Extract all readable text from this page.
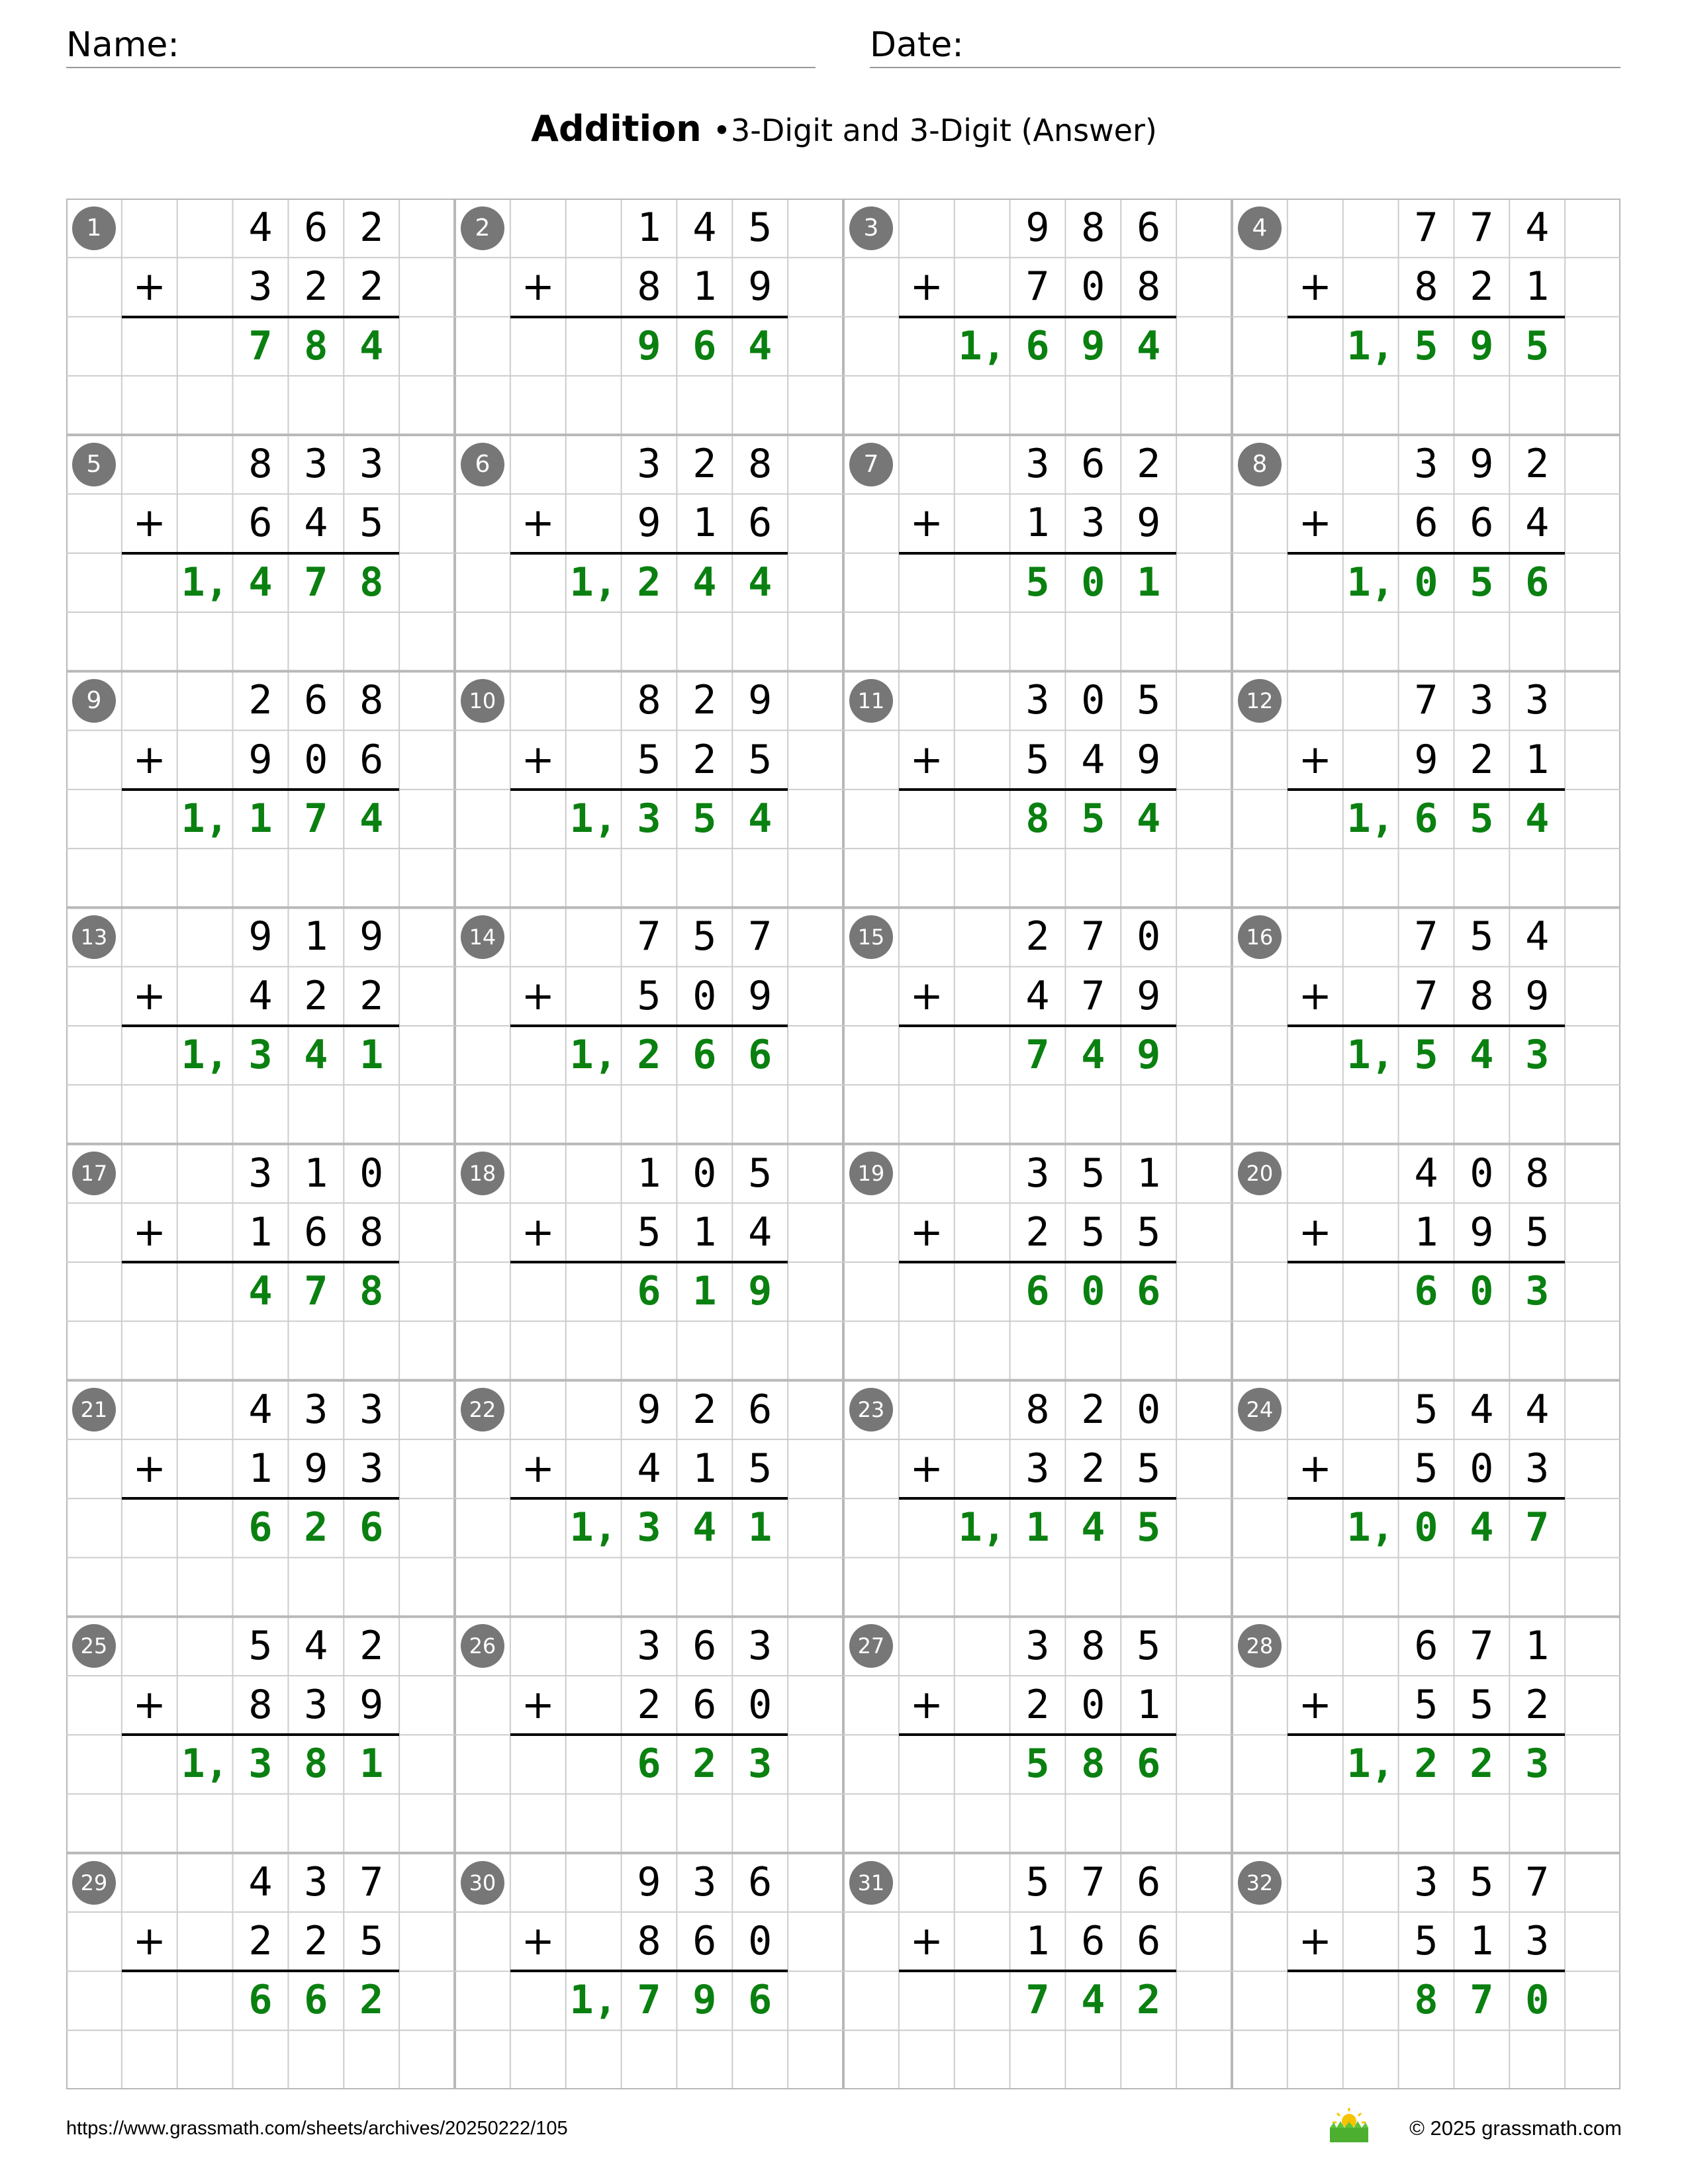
Name:	Date:
Addition •3-Digit and 3-Digit (Answer)
1	4 6 2
3 2 2
+
7 8 4
2	1 4 5
8 1 9
+
9 6 4
3	9 8 6
7 0 8
+
1, 6 9 4
4	7 7 4
8 2 1
+
1, 5 9 5
5	8 3 3
6 4 5
+
1, 4 7 8
6	3 2 8
9 1 6
+
1, 2 4 4
7	3 6 2
1 3 9
+
5 0 1
8	3 9 2
6 6 4
+
1, 0 5 6
9	2 6 8
9 0 6
+
1, 1 7 4
10	8 2 9
5 2 5
+
1, 3 5 4
11	3 0 5
5 4 9
+
8 5 4
12	7 3 3
9 2 1
+
1, 6 5 4
13	9 1 9
4 2 2
+
1, 3 4 1
14	7 5 7
5 0 9
+
1, 2 6 6
15	2 7 0
4 7 9
+
7 4 9
16	7 5 4
7 8 9
+
1, 5 4 3
17	3 1 0
1 6 8
+
4 7 8
18	1 0 5
5 1 4
+
6 1 9
19	3 5 1
2 5 5
+
6 0 6
20	4 0 8
1 9 5
+
6 0 3
21	4 3 3
1 9 3
+
6 2 6
22	9 2 6
4 1 5
+
1, 3 4 1
23	8 2 0
3 2 5
+
1, 1 4 5
24	5 4 4
5 0 3
+
1, 0 4 7
25	5 4 2
8 3 9
+
1, 3 8 1
26	3 6 3
2 6 0
+
6 2 3
27	3 8 5
2 0 1
+
5 8 6
28	6 7 1
5 5 2
+
1, 2 2 3
29	4 3 7
2 2 5
+
6 6 2
30	9 3 6
8 6 0
+
1, 7 9 6
31	5 7 6
1 6 6
+
7 4 2
32	3 5 7
5 1 3
+
8 7 0
https://www.grassmath.com/sheets/archives/20250222/105	© 2025 grassmath.com
